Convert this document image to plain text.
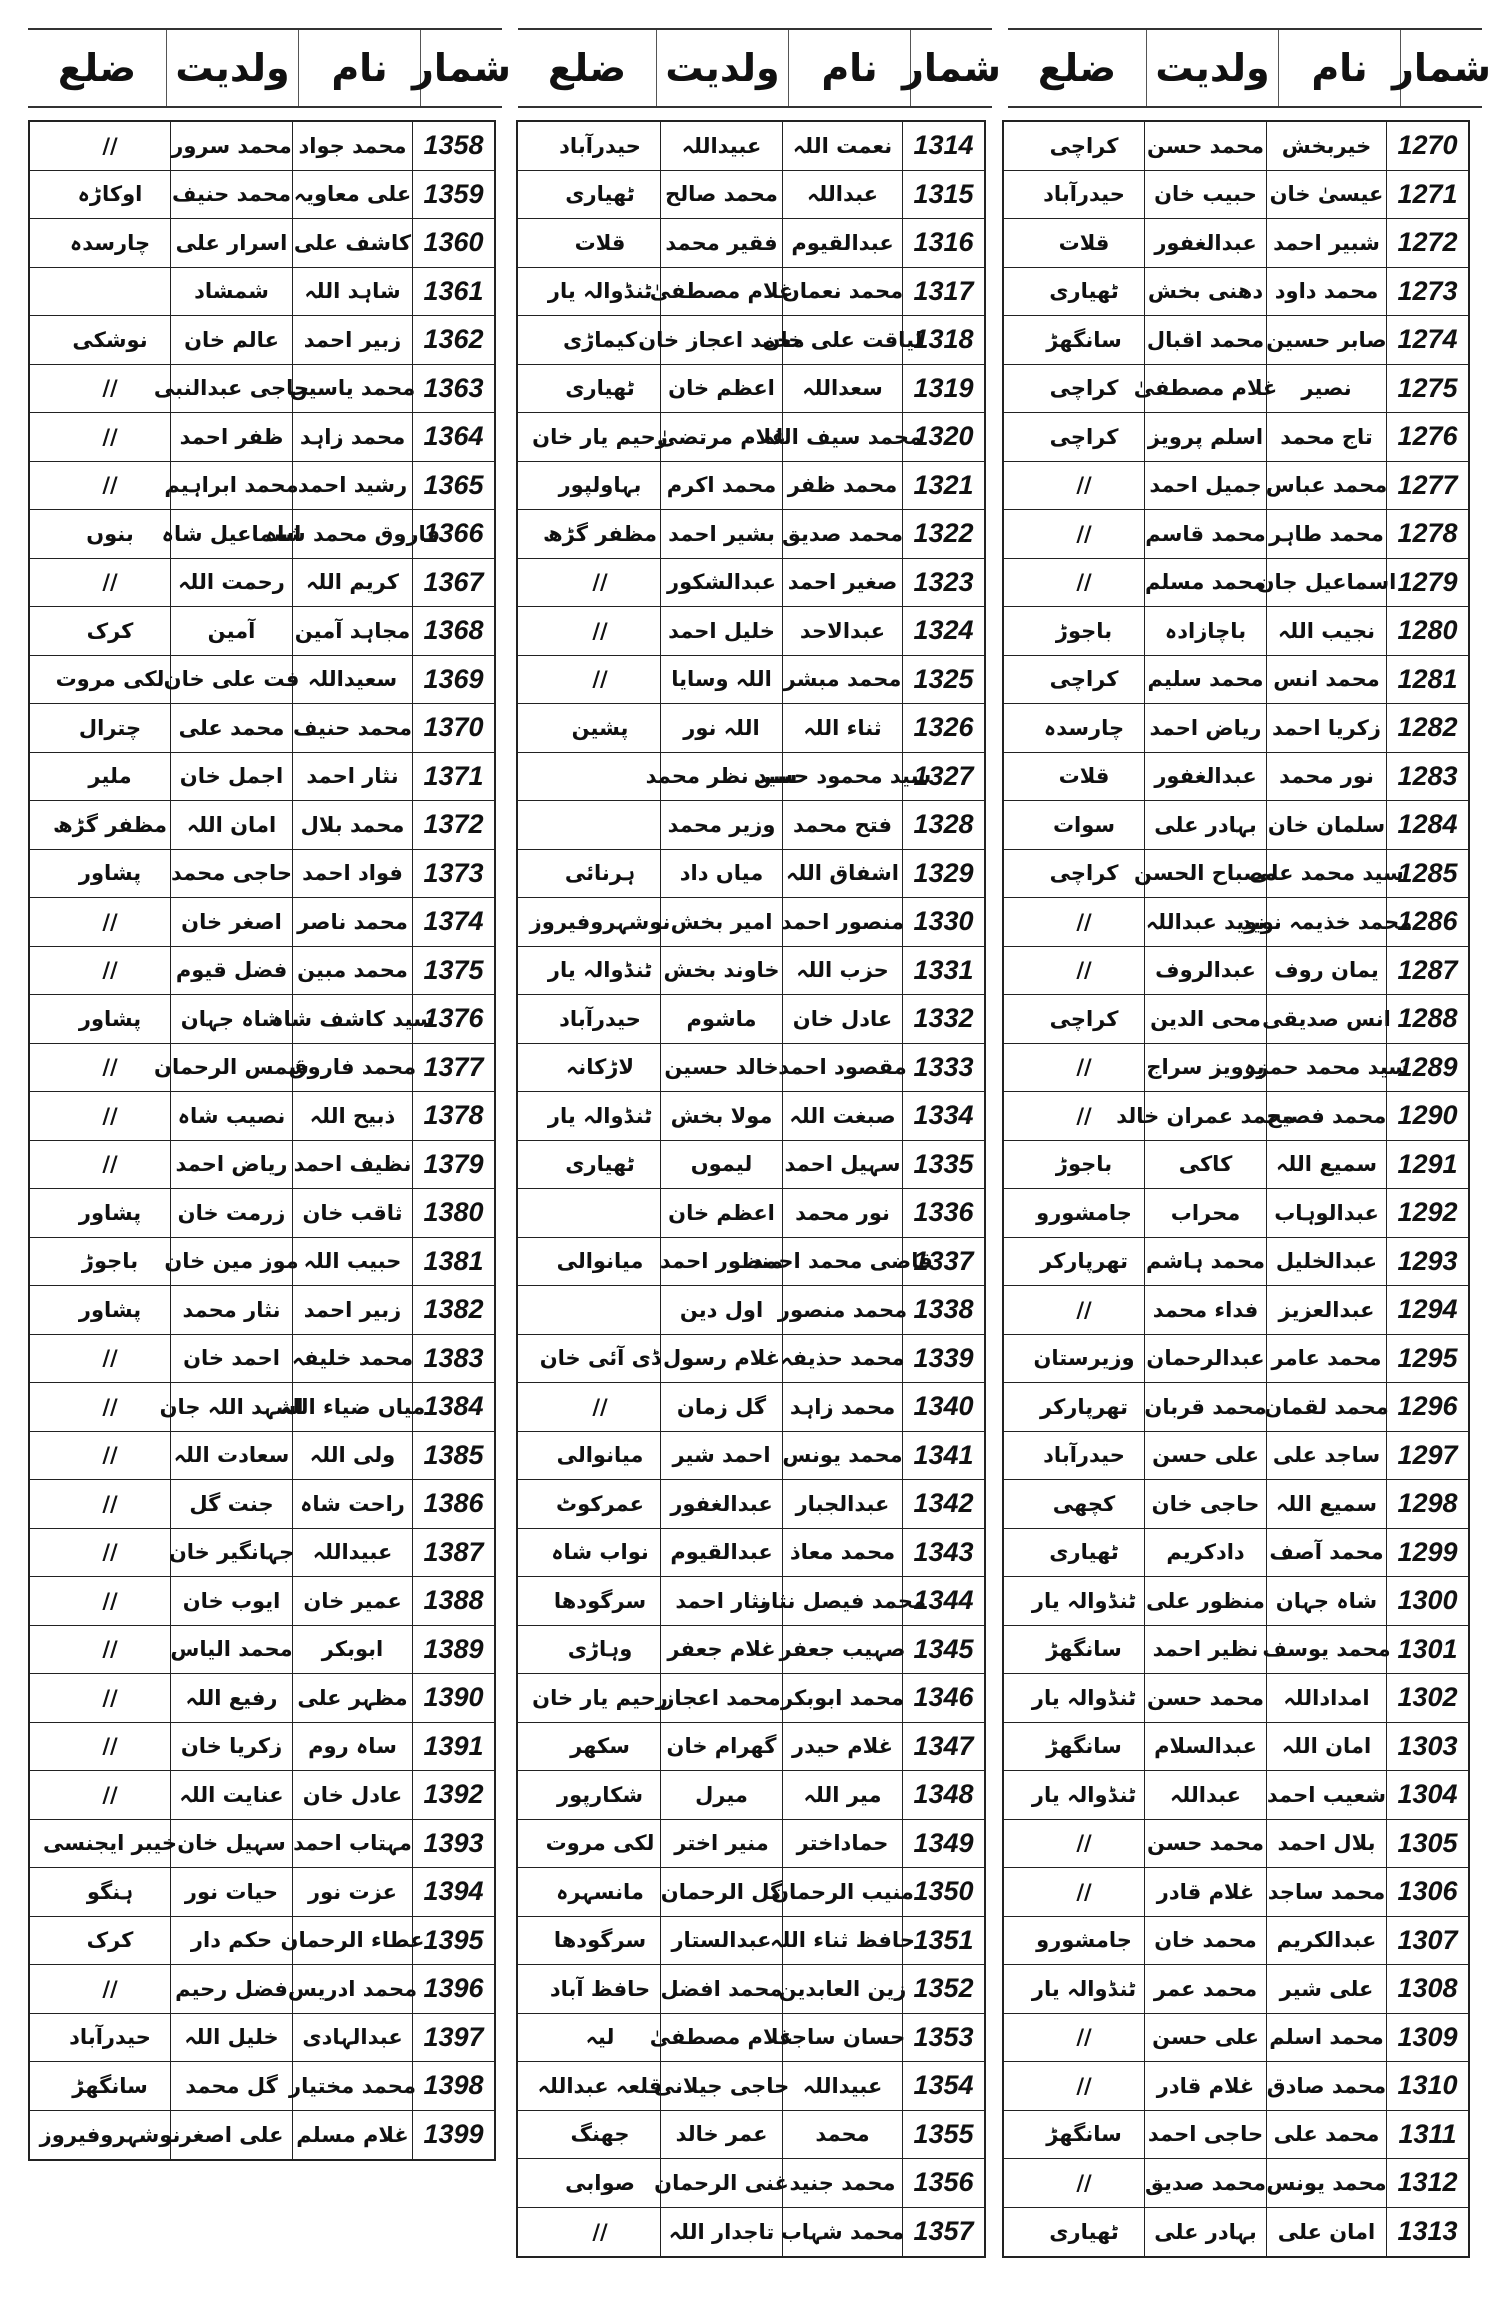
شمار
نام
ولدیت
ضلع
شمار
نام
ولدیت
ضلع
شمار
نام
ولدیت
ضلع
1270
خیربخش
محمد حسن
کراچی
1271
عیسیٰ خان
حبیب خان
حیدرآباد
1272
شبیر احمد
عبدالغفور
قلات
1273
محمد داود
دھنی بخش
ٹھیاری
1274
صابر حسین
محمد اقبال
سانگھڑ
1275
نصیر
غلام مصطفیٰ
کراچی
1276
تاج محمد
اسلم پرویز
کراچی
1277
محمد عباس
جمیل احمد
//
1278
محمد طاہر
محمد قاسم
//
1279
اسماعیل جان
محمد مسلم
//
1280
نجیب اللہ
باچازادہ
باجوڑ
1281
محمد انس
محمد سلیم
کراچی
1282
زکریا احمد
ریاض احمد
چارسدہ
1283
نور محمد
عبدالغفور
قلات
1284
سلمان خان
بہادر علی
سوات
1285
سید محمد علی
مصباح الحسن
کراچی
1286
محمد خذیمہ نوید
نوید عبداللہ
//
1287
یمان روف
عبدالروف
//
1288
انس صدیقی
محی الدین
کراچی
1289
سید محمد حمزہ
پرویز سراج
//
1290
محمد فصیح
محمد عمران خالد
//
1291
سمیع اللہ
کاکی
باجوڑ
1292
عبدالوہاب
محراب
جامشورو
1293
عبدالخلیل
محمد ہاشم
تھرپارکر
1294
عبدالعزیز
فداء محمد
//
1295
محمد عامر
عبدالرحمان
وزیرستان
1296
محمد لقمان
محمد قربان
تھرپارکر
1297
ساجد علی
علی حسن
حیدرآباد
1298
سمیع اللہ
حاجی خان
کچھی
1299
محمد آصف
دادکریم
ٹھیاری
1300
شاہ جہان
منظور علی
ٹنڈوالہ یار
1301
محمد یوسف
نظیر احمد
سانگھڑ
1302
امداداللہ
محمد حسن
ٹنڈوالہ یار
1303
امان اللہ
عبدالسلام
سانگھڑ
1304
شعیب احمد
عبداللہ
ٹنڈوالہ یار
1305
بلال احمد
محمد حسن
//
1306
محمد ساجد
غلام قادر
//
1307
عبدالکریم
محمد خان
جامشورو
1308
علی شیر
محمد عمر
ٹنڈوالہ یار
1309
محمد اسلم
علی حسن
//
1310
محمد صادق
غلام قادر
//
1311
محمد علی
حاجی احمد
سانگھڑ
1312
محمد یونس
محمد صدیق
//
1313
امان علی
بہادر علی
ٹھیاری
1314
نعمت اللہ
عبیداللہ
حیدرآباد
1315
عبداللہ
محمد صالح
ٹھیاری
1316
عبدالقیوم
فقیر محمد
قلات
1317
محمد نعمان
غلام مصطفیٰ
ٹنڈوالہ یار
1318
لیاقت علی خان
محمد اعجاز خان
کیماڑی
1319
سعداللہ
اعظم خان
ٹھیاری
1320
محمد سیف اللہ
غلام مرتضیٰ
رحیم یار خان
1321
محمد ظفر
محمد اکرم
بہاولپور
1322
محمد صدیق
بشیر احمد
مظفر گڑھ
1323
صغیر احمد
عبدالشکور
//
1324
عبدالاحد
خلیل احمد
//
1325
محمد مبشر
اللہ وسایا
//
1326
ثناء اللہ
اللہ نور
پشین
1327
سید محمود حسن
سید نظر محمد
1328
فتح محمد
وزیر محمد
1329
اشفاق اللہ
میاں داد
ہرنائی
1330
منصور احمد
امیر بخش
نوشہروفیروز
1331
حزب اللہ
خاوند بخش
ٹنڈوالہ یار
1332
عادل خان
ماشوم
حیدرآباد
1333
مقصود احمد
خالد حسین
لاڑکانہ
1334
صبغت اللہ
مولا بخش
ٹنڈوالہ یار
1335
سہیل احمد
لیموں
ٹھیاری
1336
نور محمد
اعظم خان
1337
قاضی محمد احمد
منظور احمد
میانوالی
1338
محمد منصور
اول دین
1339
محمد حذیفہ
غلام رسول
ڈی آئی خان
1340
محمد زاہد
گل زمان
//
1341
محمد یونس
احمد شیر
میانوالی
1342
عبدالجبار
عبدالغفور
عمرکوٹ
1343
محمد معاذ
عبدالقیوم
نواب شاہ
1344
محمد فیصل نثار
نثار احمد
سرگودھا
1345
صہیب جعفر
غلام جعفر
وہاڑی
1346
محمد ابوبکر
محمد اعجاز
رحیم یار خان
1347
غلام حیدر
گھرام خان
سکھر
1348
میر اللہ
میرل
شکارپور
1349
حماداختر
منیر اختر
لکی مروت
1350
منیب الرحمان
گل الرحمان
مانسہرہ
1351
حافظ ثناء اللہ
عبدالستار
سرگودھا
1352
زین العابدین
محمد افضل
حافظ آباد
1353
حسان ساجد
غلام مصطفیٰ
لیہ
1354
عبیداللہ
حاجی جیلانی
قلعہ عبداللہ
1355
محمد
عمر خالد
جھنگ
1356
محمد جنید
غنی الرحمان
صوابی
1357
محمد شہاب
تاجدار اللہ
//
1358
محمد جواد
محمد سرور
//
1359
علی معاویہ
محمد حنیف
اوکاڑہ
1360
کاشف علی
اسرار علی
چارسدہ
1361
شاہد اللہ
شمشاد
1362
زبیر احمد
عالم خان
نوشکی
1363
محمد یاسین
حاجی عبدالنبی
//
1364
محمد زاہد
ظفر احمد
//
1365
رشید احمد
محمد ابراہیم
//
1366
فاروق محمد شاہ
اسماعیل شاہ
بنوں
1367
کریم اللہ
رحمت اللہ
//
1368
مجاہد آمین
آمین
کرک
1369
سعیداللہ
فت علی خان
لکی مروت
1370
محمد حنیف
محمد علی
چترال
1371
نثار احمد
اجمل خان
ملیر
1372
محمد بلال
امان اللہ
مظفر گڑھ
1373
فواد احمد
حاجی محمد
پشاور
1374
محمد ناصر
اصغر خان
//
1375
محمد مبین
فضل قیوم
//
1376
سید کاشف شاہ
شاہ جہان
پشاور
1377
محمد فاروق
شمس الرحمان
//
1378
ذبیح اللہ
نصیب شاہ
//
1379
نظیف احمد
ریاض احمد
//
1380
ثاقب خان
زرمت خان
پشاور
1381
حبیب اللہ
موز مین خان
باجوڑ
1382
زبیر احمد
نثار محمد
پشاور
1383
محمد خلیفہ
احمد خان
//
1384
میاں ضیاء اللہ
اشہد اللہ جان
//
1385
ولی اللہ
سعادت اللہ
//
1386
راحت شاہ
جنت گل
//
1387
عبیداللہ
جہانگیر خان
//
1388
عمیر خان
ایوب خان
//
1389
ابوبکر
محمد الیاس
//
1390
مظہر علی
رفیع اللہ
//
1391
ساہ روم
زکریا خان
//
1392
عادل خان
عنایت اللہ
//
1393
مہتاب احمد
سہیل خان
خیبر ایجنسی
1394
عزت نور
حیات نور
ہنگو
1395
عطاء الرحمان
حکم دار
کرک
1396
محمد ادریس
فضل رحیم
//
1397
عبدالہادی
خلیل اللہ
حیدرآباد
1398
محمد مختیار
گل محمد
سانگھڑ
1399
غلام مسلم
علی اصغر
نوشہروفیروز
